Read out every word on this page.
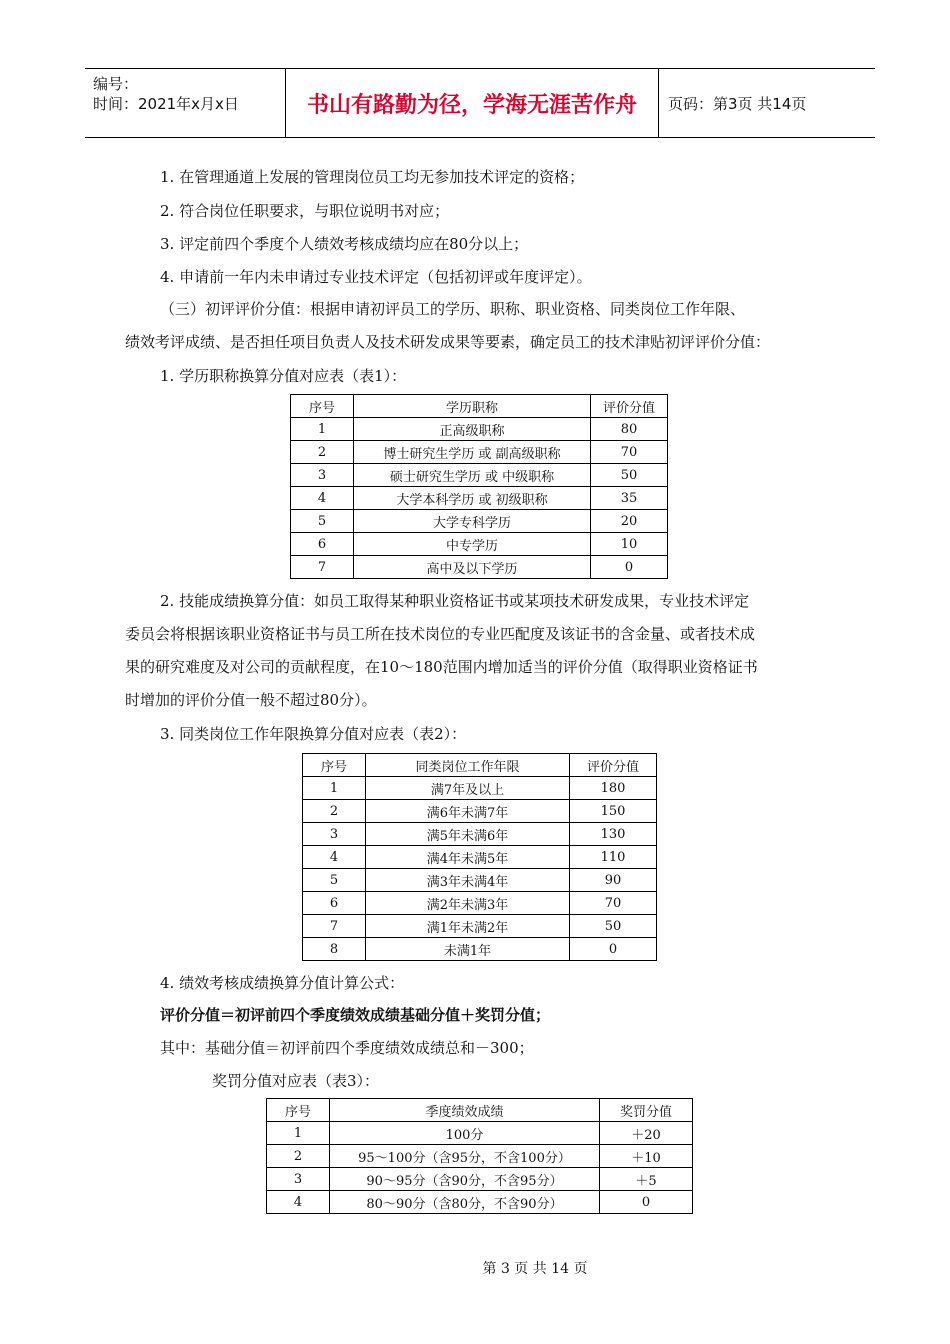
编号：
时间：2021年x月x日	书山有路勤为径，学海无涯苦作舟	页码：第3页 共14页
1. 在管理通道上发展的管理岗位员工均无参加技术评定的资格；
2. 符合岗位任职要求，与职位说明书对应；
3. 评定前四个季度个人绩效考核成绩均应在80分以上；
4. 申请前一年内未申请过专业技术评定（包括初评或年度评定）。
（三）初评评价分值：根据申请初评员工的学历、职称、职业资格、同类岗位工作年限、
绩效考评成绩、是否担任项目负责人及技术研发成果等要素，确定员工的技术津贴初评评价分值：
1. 学历职称换算分值对应表（表1）：
序号	学历职称	评价分值
1	正高级职称	80
2	博士研究生学历 或 副高级职称	70
3	硕士研究生学历 或 中级职称	50
4	大学本科学历 或 初级职称	35
5	大学专科学历	20
6	中专学历	10
7	高中及以下学历	0
2. 技能成绩换算分值：如员工取得某种职业资格证书或某项技术研发成果，专业技术评定
委员会将根据该职业资格证书与员工所在技术岗位的专业匹配度及该证书的含金量、或者技术成
果的研究难度及对公司的贡献程度，在10～180范围内增加适当的评价分值（取得职业资格证书
时增加的评价分值一般不超过80分）。
3. 同类岗位工作年限换算分值对应表（表2）：
序号	同类岗位工作年限	评价分值
1	满7年及以上	180
2	满6年未满7年	150
3	满5年未满6年	130
4	满4年未满5年	110
5	满3年未满4年	90
6	满2年未满3年	70
7	满1年未满2年	50
8	未满1年	0
4. 绩效考核成绩换算分值计算公式：
评价分值＝初评前四个季度绩效成绩基础分值＋奖罚分值；
其中：基础分值＝初评前四个季度绩效成绩总和－300；
奖罚分值对应表（表3）：
序号	季度绩效成绩	奖罚分值
1	100分	＋20
2	95～100分（含95分，不含100分）	＋10
3	90～95分（含90分，不含95分）	＋5
4	80～90分（含80分，不含90分）	0
第 3 页 共 14 页
